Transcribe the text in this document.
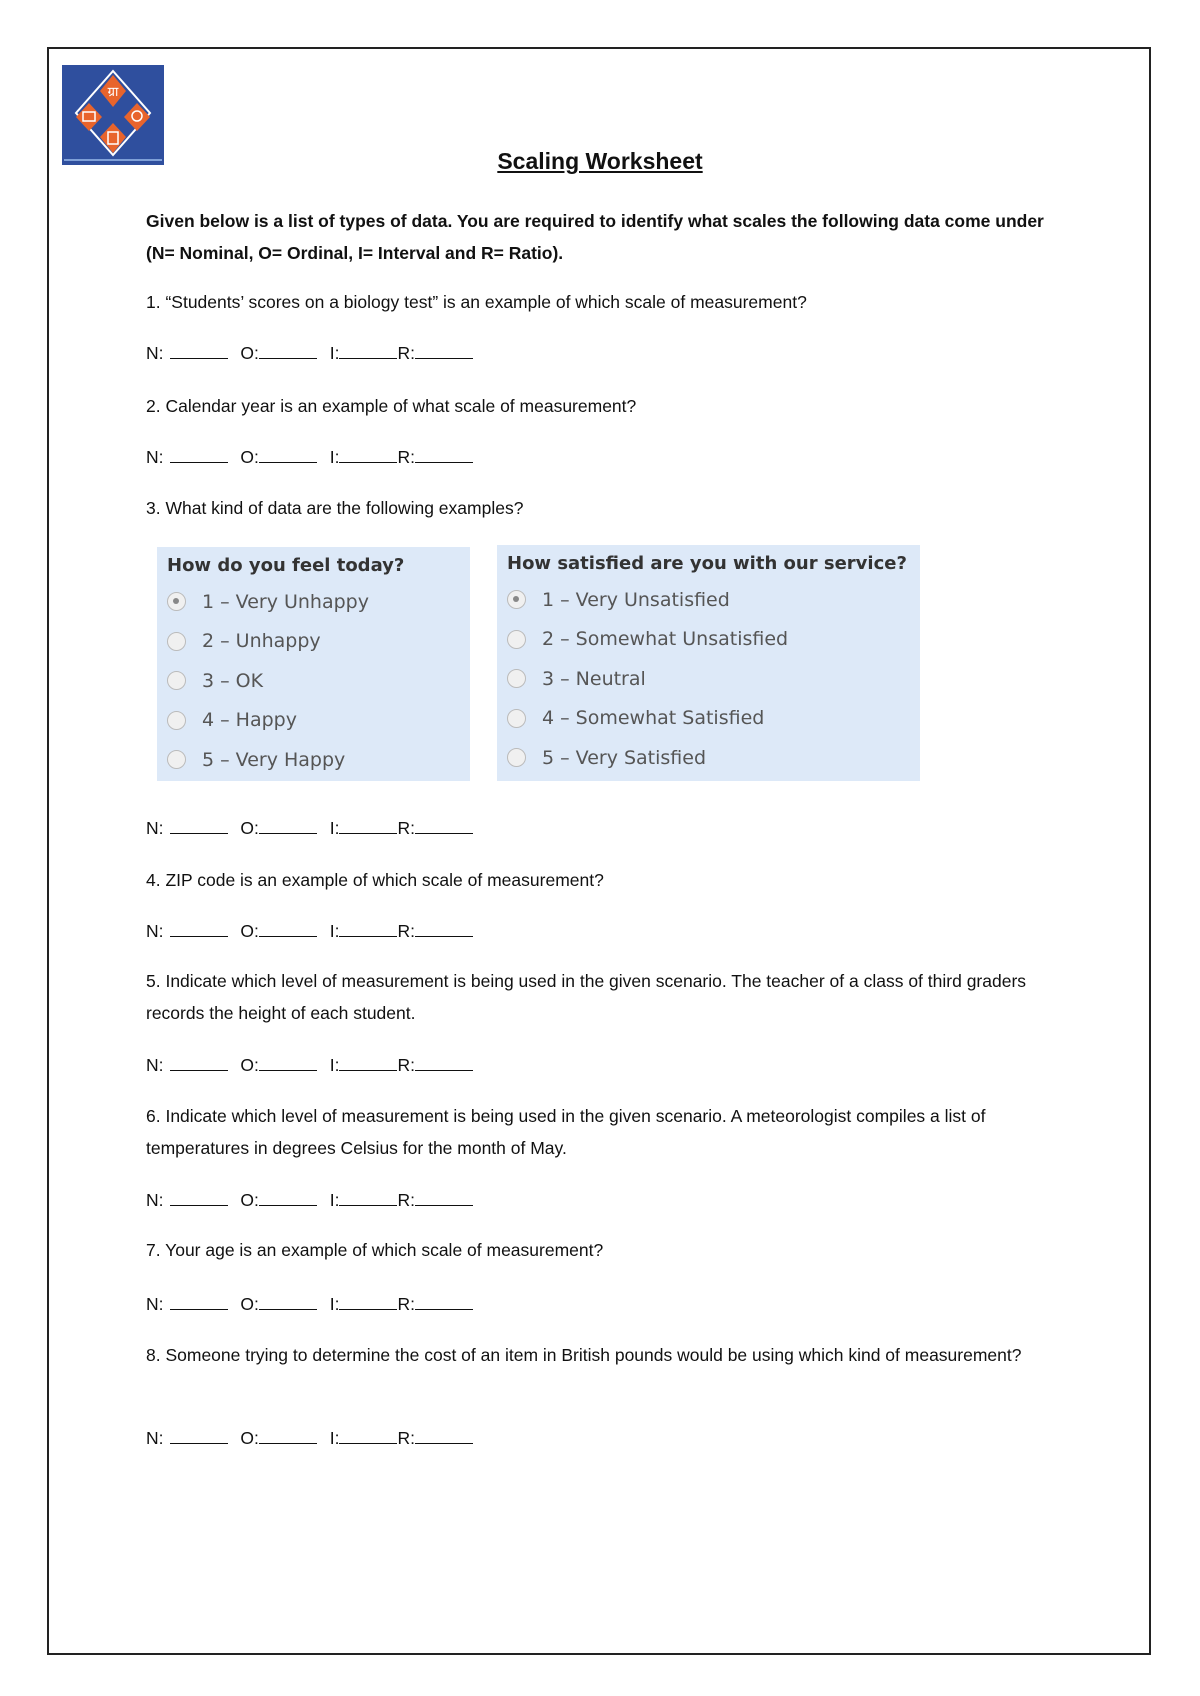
ग्रा
Scaling Worksheet
Given below is a list of types of data. You are required to identify what scales the following data come under (N= Nominal, O= Ordinal, I= Interval and R= Ratio).
1. “Students’ scores on a biology test” is an example of which scale of measurement?
N:	O:	I:	R:
2. Calendar year is an example of what scale of measurement?
N:	O:	I:	R:
3. What kind of data are the following examples?
How do you feel today?
1 – Very Unhappy
2 – Unhappy
3 – OK
4 – Happy
5 – Very Happy
How satisfied are you with our service?
1 – Very Unsatisfied
2 – Somewhat Unsatisfied
3 – Neutral
4 – Somewhat Satisfied
5 – Very Satisfied
N:	O:	I:	R:
4. ZIP code is an example of which scale of measurement?
N:	O:	I:	R:
5. Indicate which level of measurement is being used in the given scenario. The teacher of a class of third graders records the height of each student.
N:	O:	I:	R:
6. Indicate which level of measurement is being used in the given scenario. A meteorologist compiles a list of temperatures in degrees Celsius for the month of May.
N:	O:	I:	R:
7. Your age is an example of which scale of measurement?
N:	O:	I:	R:
8. Someone trying to determine the cost of an item in British pounds would be using which kind of measurement?
N:	O:	I:	R:
